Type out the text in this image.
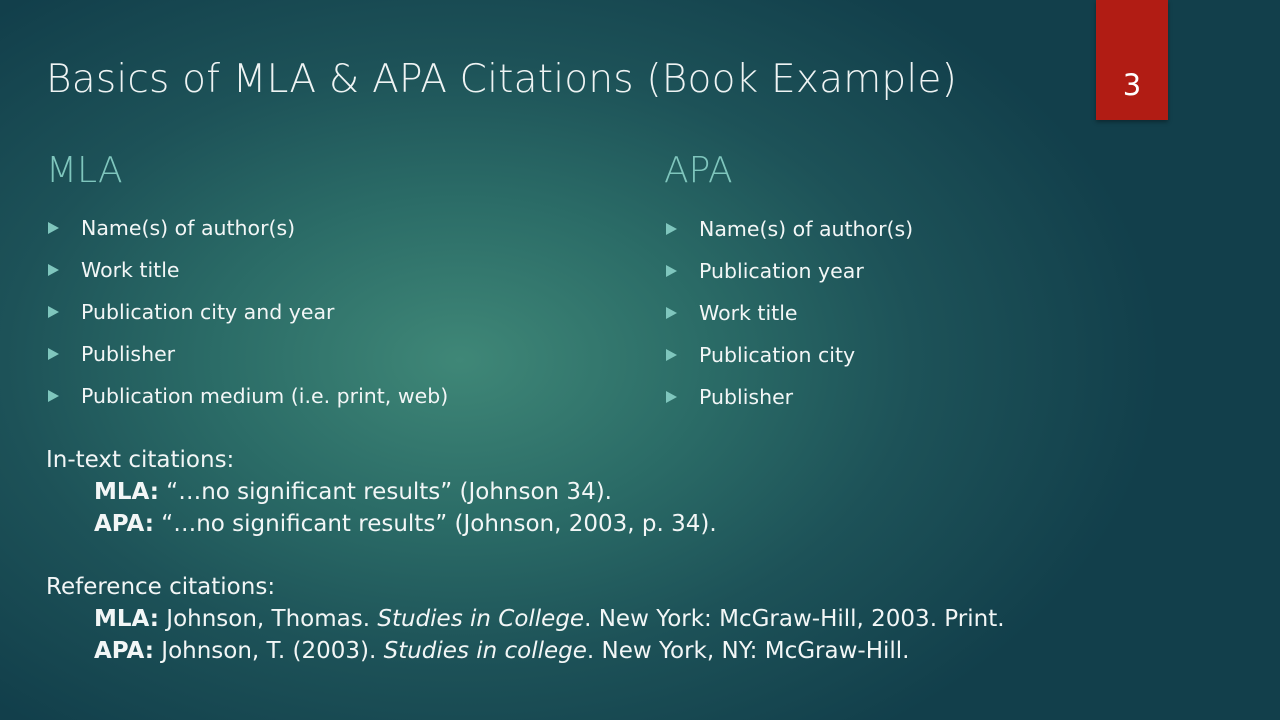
Basics of MLA & APA Citations (Book Example)	3
MLA
Name(s) of author(s)
Work title
Publication city and year
Publisher
Publication medium (i.e. print, web)
APA
Name(s) of author(s)
Publication year
Work title
Publication city
Publisher
In-text citations:
MLA: “…no significant results” (Johnson 34).
APA: “…no significant results” (Johnson, 2003, p. 34).
Reference citations:
MLA: Johnson, Thomas. Studies in College. New York: McGraw-Hill, 2003. Print.
APA: Johnson, T. (2003). Studies in college. New York, NY: McGraw-Hill.
